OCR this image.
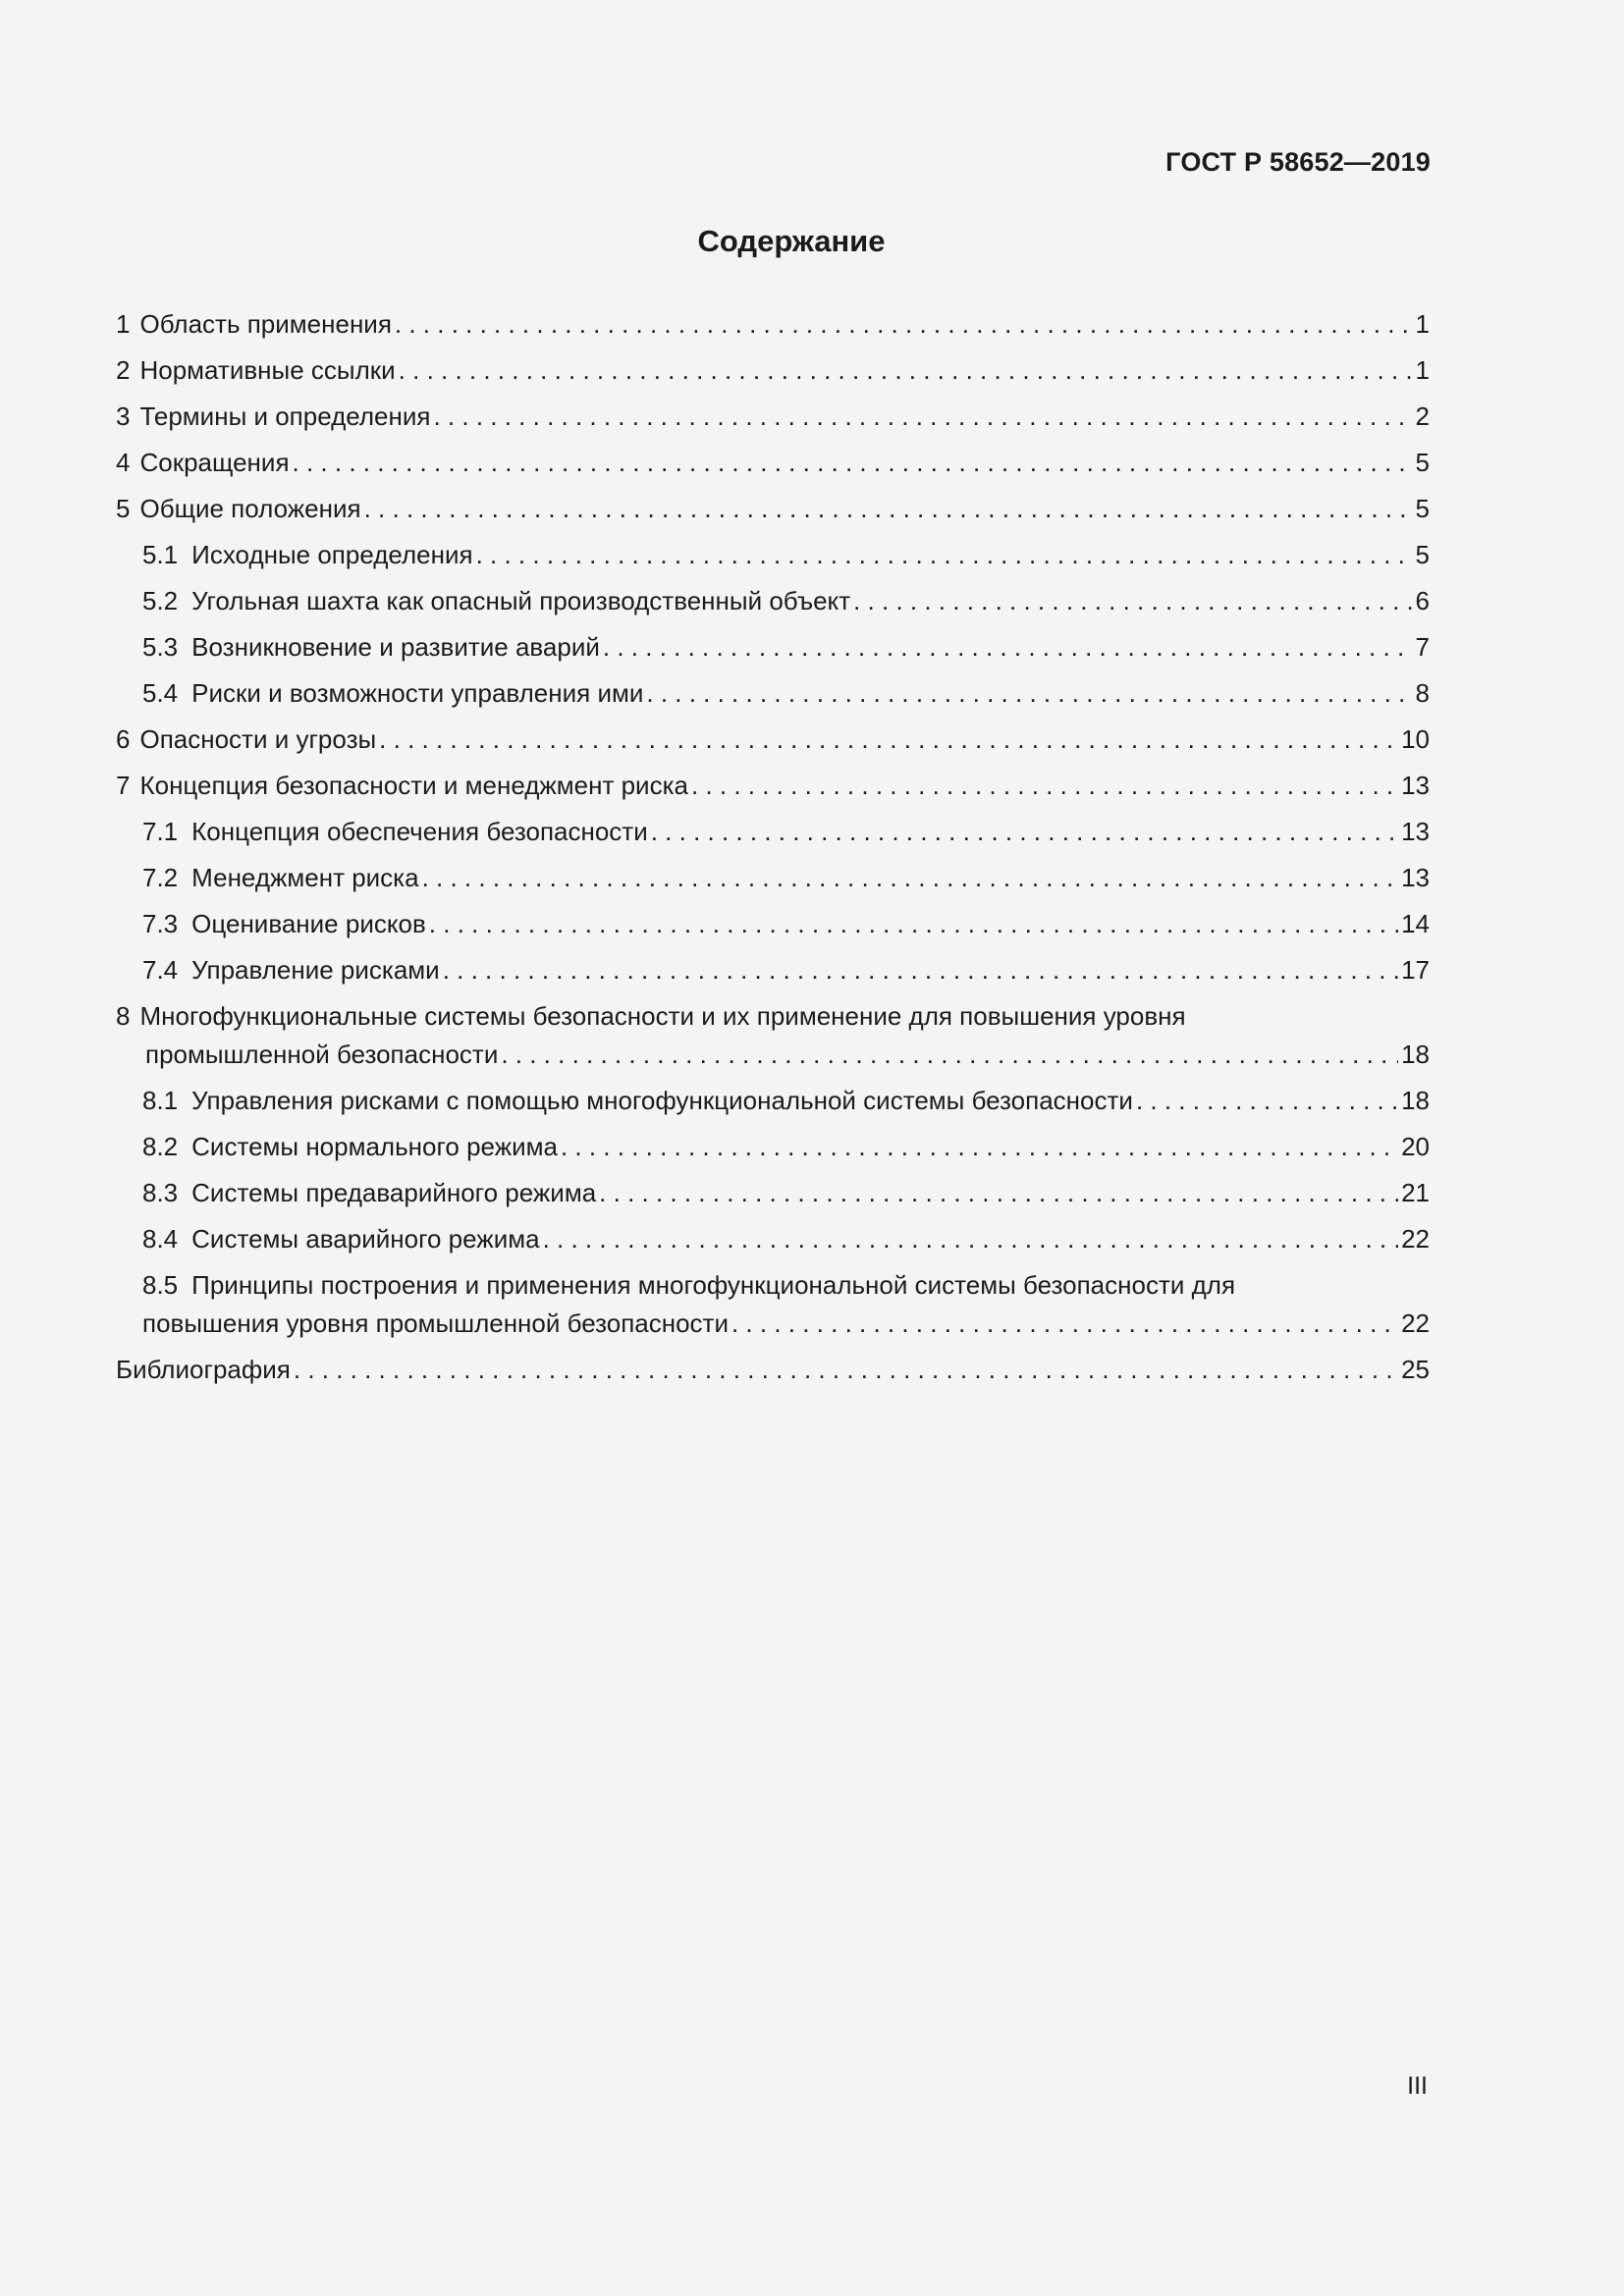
ГОСТ Р 58652—2019
Содержание
1 Область применения . . .	1
2 Нормативные ссылки . . .	1
3 Термины и определения . . .	2
4 Сокращения . . .	5
5 Общие положения . . .	5
5.1 Исходные определения . . .	5
5.2 Угольная шахта как опасный производственный объект . . .	6
5.3 Возникновение и развитие аварий . . .	7
5.4 Риски и возможности управления ими . . .	8
6 Опасности и угрозы . . .	10
7 Концепция безопасности и менеджмент риска . . .	13
7.1 Концепция обеспечения безопасности . . .	13
7.2 Менеджмент риска . . .	13
7.3 Оценивание рисков . . .	14
7.4 Управление рисками . . .	17
8 Многофункциональные системы безопасности и их применение для повышения уровня
промышленной безопасности . . .	18
8.1 Управления рисками с помощью многофункциональной системы безопасности . . .	18
8.2 Системы нормального режима . . .	20
8.3 Системы предаварийного режима . . .	21
8.4 Системы аварийного режима . . .	22
8.5 Принципы построения и применения многофункциональной системы безопасности для
повышения уровня промышленной безопасности . . .	22
Библиография . . .	25
III
